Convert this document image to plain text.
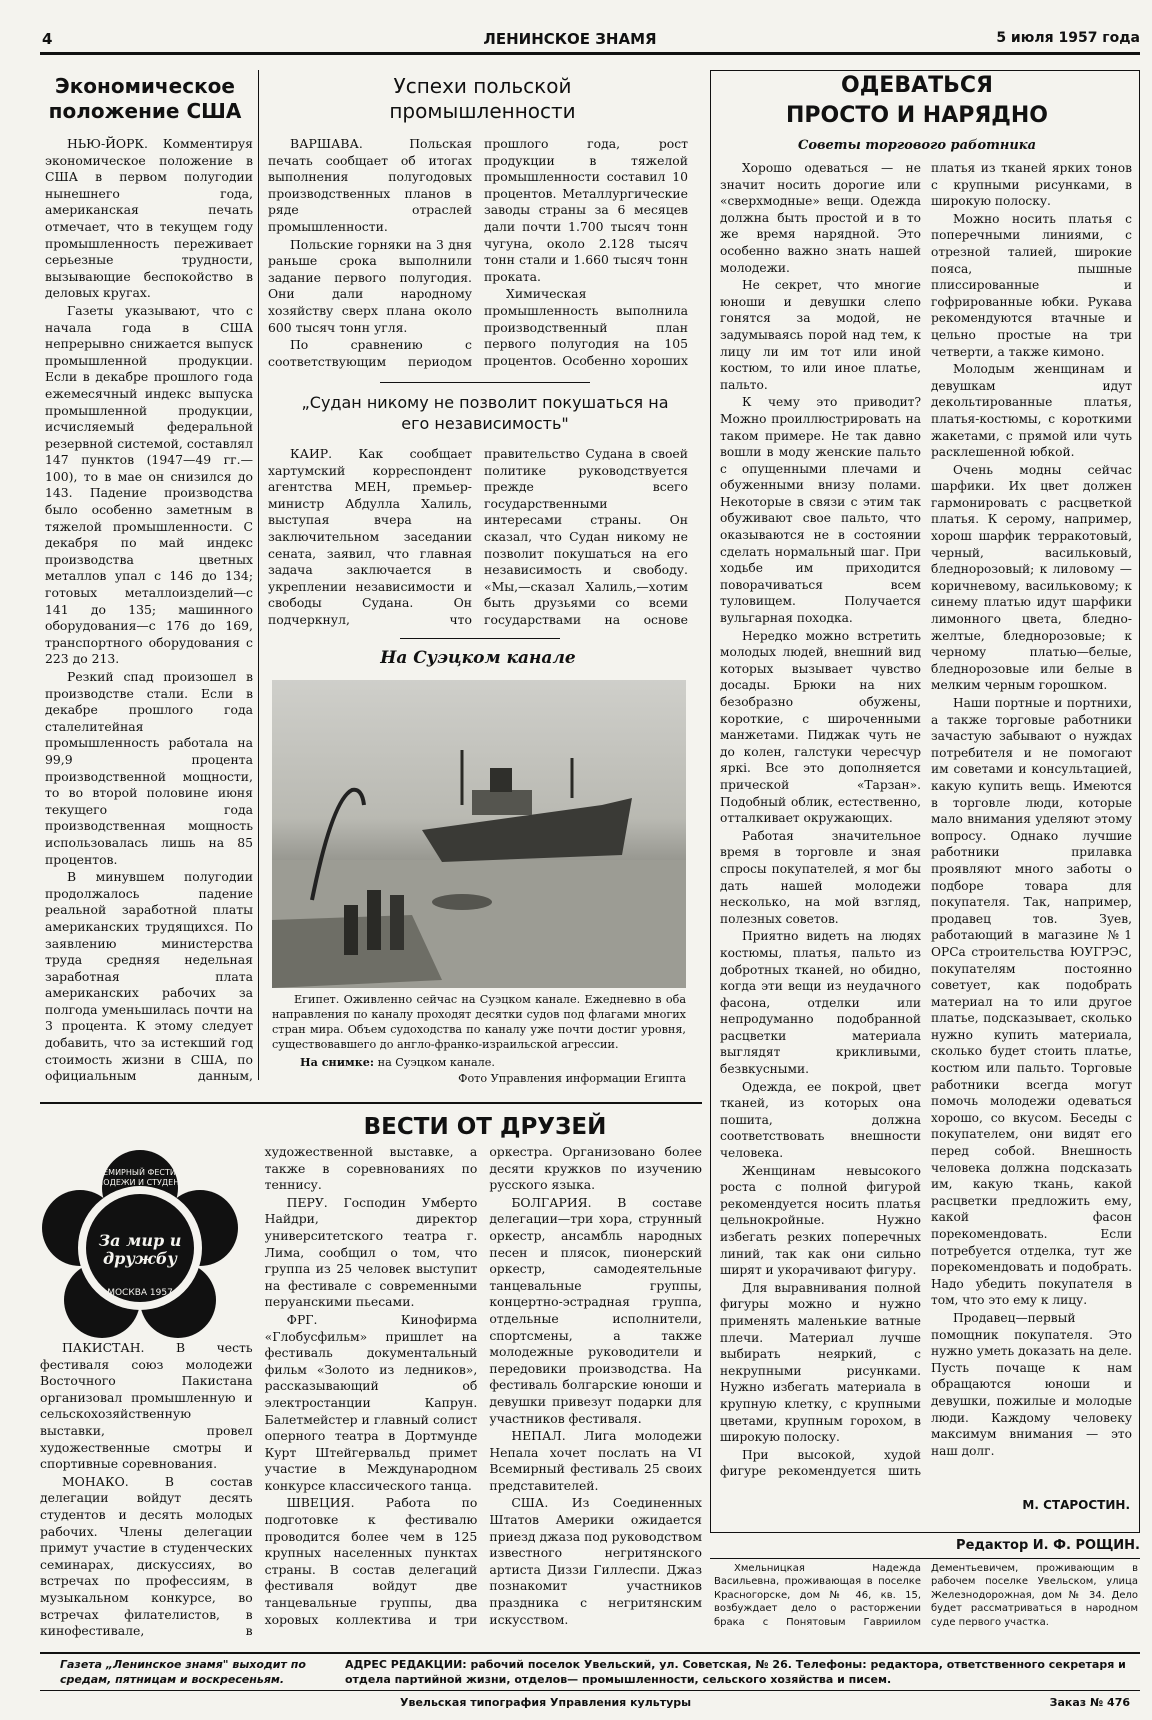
4	ЛЕНИНСКОЕ ЗНАМЯ	5 июля 1957 года
Экономическое положение США

НЬЮ-ЙОРК. Комментируя экономическое положение в США в первом полугодии нынешнего года, американская печать отмечает, что в текущем году промышленность переживает серьезные трудности, вызывающие беспокойство в деловых кругах.

Газеты указывают, что с начала года в США непрерывно снижается выпуск промышленной продукции. Если в декабре прошлого года ежемесячный индекс выпуска промышленной продукции, исчисляемый федеральной резервной системой, составлял 147 пунктов (1947—49 гг.—100), то в мае он снизился до 143. Падение производства было особенно заметным в тяжелой промышленности. С декабря по май индекс производства цветных металлов упал с 146 до 134; готовых металлоизделий—с 141 до 135; машинного оборудования—с 176 до 169, транспортного оборудования с 223 до 213.

Резкий спад произошел в производстве стали. Если в декабре прошлого года сталелитейная промышленность работала на 99,9 процента производственной мощности, то во второй половине июня текущего года производственная мощность использовалась лишь на 85 процентов.

В минувшем полугодии продолжалось падение реальной заработной платы американских трудящихся. По заявлению министерства труда средняя недельная заработная плата американских рабочих за полгода уменьшилась почти на 3 процента. К этому следует добавить, что за истекший год стоимость жизни в США, по официальным данным,

Успехи польской промышленности

ВАРШАВА. Польская печать сообщает об итогах выполнения полугодовых производственных планов в ряде отраслей промышленности.

Польские горняки на 3 дня раньше срока выполнили задание первого полугодия. Они дали народному хозяйству сверх плана около 600 тысяч тонн угля.

По сравнению с соответствующим периодом прошлого года, рост продукции в тяжелой промышленности составил 10 процентов. Металлургические заводы страны за 6 месяцев дали почти 1.700 тысяч тонн чугуна, около 2.128 тысяч тонн стали и 1.660 тысяч тонн проката.

Химическая промышленность выполнила производственный план первого полугодия на 105 процентов. Особенно хороших

„Судан никому не позволит покушаться на его независимость"

КАИР. Как сообщает хартумский корреспондент агентства МЕН, премьер-министр Абдулла Халиль, выступая вчера на заключительном заседании сената, заявил, что главная задача заключается в укреплении независимости и свободы Судана. Он подчеркнул, что правительство Судана в своей политике руководствуется прежде всего государственными интересами страны. Он сказал, что Судан никому не позволит покушаться на его независимость и свободу. «Мы,—сказал Халиль,—хотим быть друзьями со всеми государствами на основе

На Суэцком канале
Египет. Оживленно сейчас на Суэцком канале. Ежедневно в оба направления по каналу проходят десятки судов под флагами многих стран мира. Объем судоходства по каналу уже почти достиг уровня, существовавшего до англо-франко-израильской агрессии.
На снимке: на Суэцком канале.
Фото Управления информации Египта
ОДЕВАТЬСЯ
ПРОСТО И НАРЯДНО
Советы торгового работника

Хорошо одеваться — не значит носить дорогие или «сверхмодные» вещи. Одежда должна быть простой и в то же время нарядной. Это особенно важно знать нашей молодежи.

Не секрет, что многие юноши и девушки слепо гонятся за модой, не задумываясь порой над тем, к лицу ли им тот или иной костюм, то или иное платье, пальто.

К чему это приводит? Можно проиллюстрировать на таком примере. Не так давно вошли в моду женские пальто с опущенными плечами и обуженными внизу полами. Некоторые в связи с этим так обуживают свое пальто, что оказываются не в состоянии сделать нормальный шаг. При ходьбе им приходится поворачиваться всем туловищем. Получается вульгарная походка.

Нередко можно встретить молодых людей, внешний вид которых вызывает чувство досады. Брюки на них безобразно обужены, короткие, с широченными манжетами. Пиджак чуть не до колен, галстуки чересчур яркі. Все это дополняется прической «Тарзан». Подобный облик, естественно, отталкивает окружающих.

Работая значительное время в торговле и зная спросы покупателей, я мог бы дать нашей молодежи несколько, на мой взгляд, полезных советов.

Приятно видеть на людях костюмы, платья, пальто из добротных тканей, но обидно, когда эти вещи из неудачного фасона, отделки или непродуманно подобранной расцветки материала выглядят крикливыми, безвкусными.

Одежда, ее покрой, цвет тканей, из которых она пошита, должна соответствовать внешности человека.

Женщинам невысокого роста с полной фигурой рекомендуется носить платья цельнокройные. Нужно избегать резких поперечных линий, так как они сильно ширят и укорачивают фигуру.

Для выравнивания полной фигуры можно и нужно применять маленькие ватные плечи. Материал лучше выбирать неяркий, с некрупными рисунками. Нужно избегать материала в крупную клетку, с крупными цветами, крупным горохом, в широкую полоску.

При высокой, худой фигуре рекомендуется шить платья из тканей ярких тонов с крупными рисунками, в широкую полоску.

Можно носить платья с поперечными линиями, с отрезной талией, широкие пояса, пышные плиссированные и гофрированные юбки. Рукава рекомендуются втачные и цельно простые на три четверти, а также кимоно.

Молодым женщинам и девушкам идут декольтированные платья, платья-костюмы, с короткими жакетами, с прямой или чуть расклешенной юбкой.

Очень модны сейчас шарфики. Их цвет должен гармонировать с расцветкой платья. К серому, например, хорош шарфик терракотовый, черный, васильковый, бледнорозовый; к лиловому — коричневому, васильковому; к синему платью идут шарфики лимонного цвета, бледно-желтые, бледнорозовые; к черному платью—белые, бледнорозовые или белые в мелким черным горошком.

Наши портные и портнихи, а также торговые работники зачастую забывают о нуждах потребителя и не помогают им советами и консультацией, какую купить вещь. Имеются в торговле люди, которые мало внимания уделяют этому вопросу. Однако лучшие работники прилавка проявляют много заботы о подборе товара для покупателя. Так, например, продавец тов. Зуев, работающий в магазине №1 ОРСа строительства ЮУГРЭС, покупателям постоянно советует, как подобрать материал на то или другое платье, подсказывает, сколько нужно купить материала, сколько будет стоить платье, костюм или пальто. Торговые работники всегда могут помочь молодежи одеваться хорошо, со вкусом. Беседы с покупателем, они видят его перед собой. Внешность человека должна подсказать им, какую ткань, какой расцветки предложить ему, какой фасон порекомендовать. Если потребуется отделка, тут же порекомендовать и подобрать. Надо убедить покупателя в том, что это ему к лицу.

Продавец—первый помощник покупателя. Это нужно уметь доказать на деле. Пусть почаще к нам обращаются юноши и девушки, пожилые и молодые люди. Каждому человеку максимум внимания — это наш долг.

М. СТАРОСТИН.
ВЕСТИ ОТ ДРУЗЕЙ
VI ВСЕМИРНЫЙ ФЕСТИВАЛЬ МОЛОДЕЖИ И СТУДЕНТОВ
За мир и дружбу
МОСКВА 1957

ПАКИСТАН. В честь фестиваля союз молодежи Восточного Пакистана организовал промышленную и сельскохозяйственную выставки, провел художественные смотры и спортивные соревнования.

МОНАКО. В состав делегации войдут десять студентов и десять молодых рабочих. Члены делегации примут участие в студенческих семинарах, дискуссиях, во встречах по профессиям, в музыкальном конкурсе, во встречах филателистов, в кинофестивале, в художественной выставке, а также в соревнованиях по теннису.

ПЕРУ. Господин Умберто Найдри, директор университетского театра г. Лима, сообщил о том, что группа из 25 человек выступит на фестивале с современными перуанскими пьесами.

ФРГ. Кинофирма «Глобусфильм» пришлет на фестиваль документальный фильм «Золото из ледников», рассказывающий об электростанции Капрун. Балетмейстер и главный солист оперного театра в Дортмунде Курт Штейгервальд примет участие в Международном конкурсе классического танца.

ШВЕЦИЯ. Работа по подготовке к фестивалю проводится более чем в 125 крупных населенных пунктах страны. В состав делегаций фестиваля войдут две танцевальные группы, два хоровых коллектива и три оркестра. Организовано более десяти кружков по изучению русского языка.

БОЛГАРИЯ. В составе делегации—три хора, струнный оркестр, ансамбль народных песен и плясок, пионерский оркестр, самодеятельные танцевальные группы, концертно-эстрадная группа, отдельные исполнители, спортсмены, а также молодежные руководители и передовики производства. На фестиваль болгарские юноши и девушки привезут подарки для участников фестиваля.

НЕПАЛ. Лига молодежи Непала хочет послать на VI Всемирный фестиваль 25 своих представителей.

США. Из Соединенных Штатов Америки ожидается приезд джаза под руководством известного негритянского артиста Диззи Гиллеспи. Джаз познакомит участников праздника с негритянским искусством.

Редактор И. Ф. РОЩИН.
Хмельницкая Надежда Васильевна, проживающая в поселке Красногорске, дом № 46, кв. 15, возбуждает дело о расторжении брака с Понятовым Гавриилом Дементьевичем, проживающим в рабочем поселке Увельском, улица Железнодорожная, дом № 34. Дело будет рассматриваться в народном суде первого участка.
Газета „Ленинское знамя" выходит по средам, пятницам и воскресеньям.
АДРЕС РЕДАКЦИИ: рабочий поселок Увельский, ул. Советская, № 26. Телефоны: редактора, ответственного секретаря и отдела партийной жизни, отделов— промышленности, сельского хозяйства и писем.
Увельская типография Управления культуры	Заказ № 476
